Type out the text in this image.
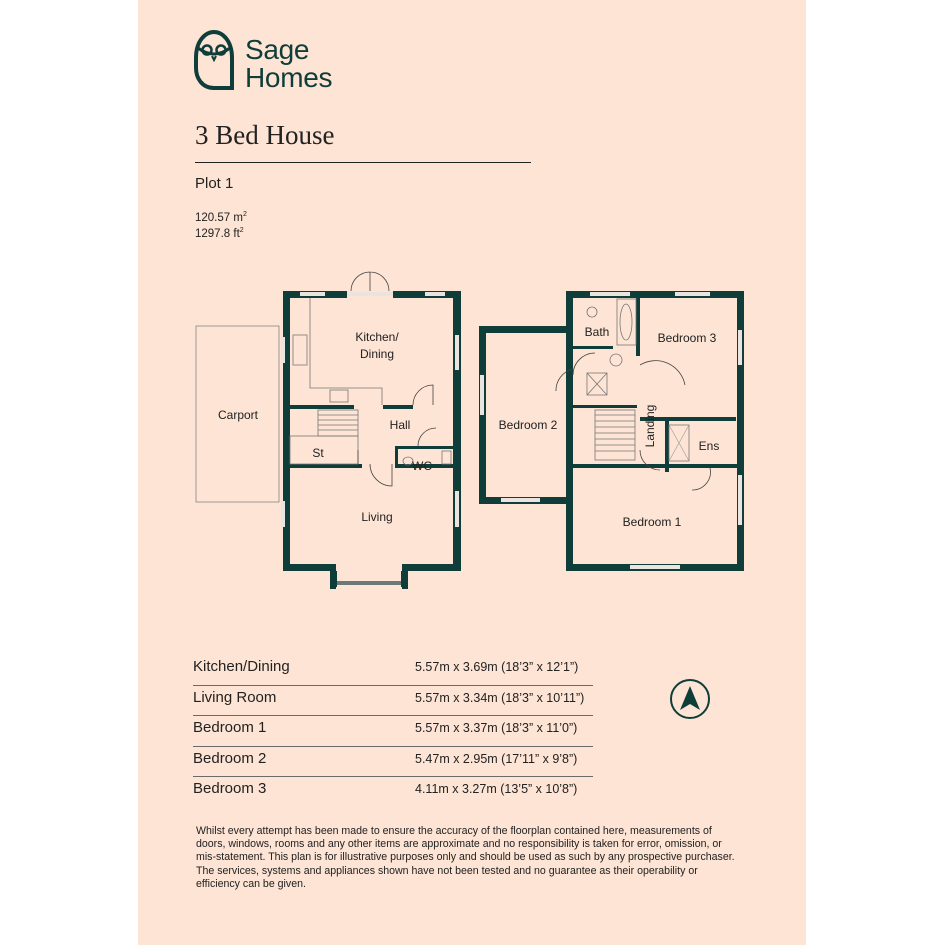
Sage
Homes
3 Bed House
Plot 1
120.57 $m^2$
1297.8 $ft^2$
Carport
Kitchen/
Dining
Hall
St
WC
Living
Bath	Bedroom 3
Bedroom 2	Landing	Ens
Bedroom 1
Kitchen/Dining	5.57m x 3.69m (18’3” x 12’1”)
Living Room	5.57m x 3.34m (18’3” x 10’11”)
Bedroom 1	5.57m x 3.37m (18’3” x 11’0”)
Bedroom 2	5.47m x 2.95m (17’11” x 9’8”)
Bedroom 3	4.11m x 3.27m (13’5” x 10’8”)
Whilst every attempt has been made to ensure the accuracy of the floorplan contained here, measurements of doors, windows, rooms and any other items are approximate and no responsibility is taken for error, omission, or mis-statement. This plan is for illustrative purposes only and should be used as such by any prospective purchaser. The services, systems and appliances shown have not been tested and no guarantee as their operability or efficiency can be given.
